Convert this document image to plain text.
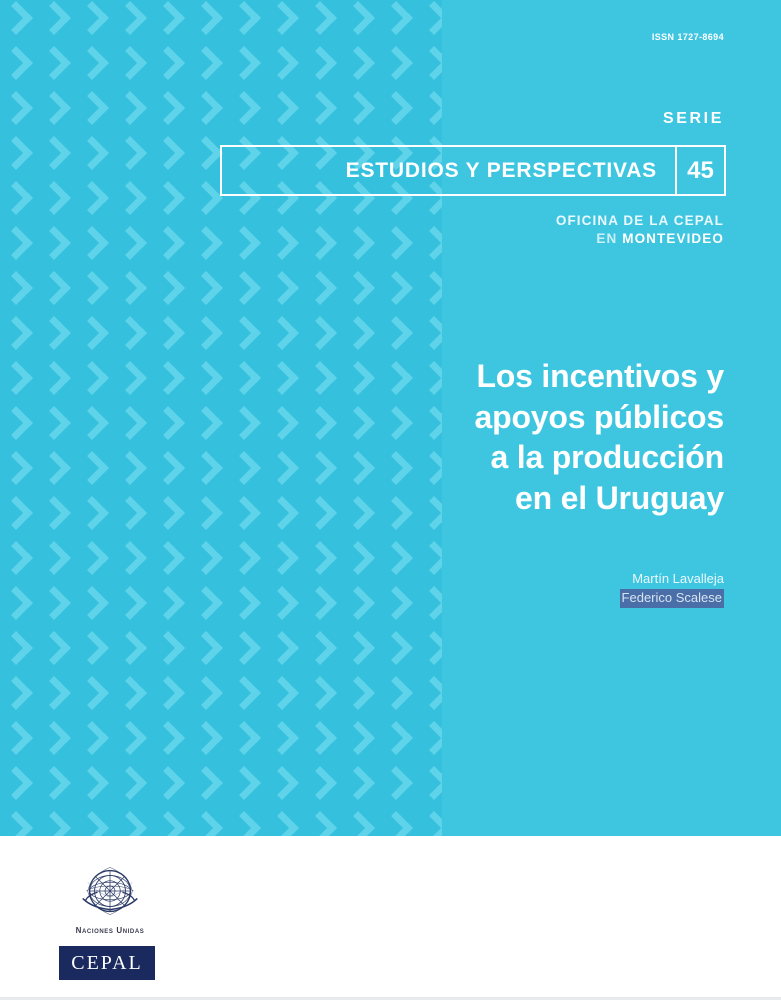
ISSN 1727-8694
SERIE
OFICINA DE LA CEPAL
EN MONTEVIDEO
Los incentivos y apoyos públicos a la producción en el Uruguay
Martín Lavalleja
Federico Scalese
ESTUDIOS Y PERSPECTIVAS	45
Naciones Unidas
CEPAL
